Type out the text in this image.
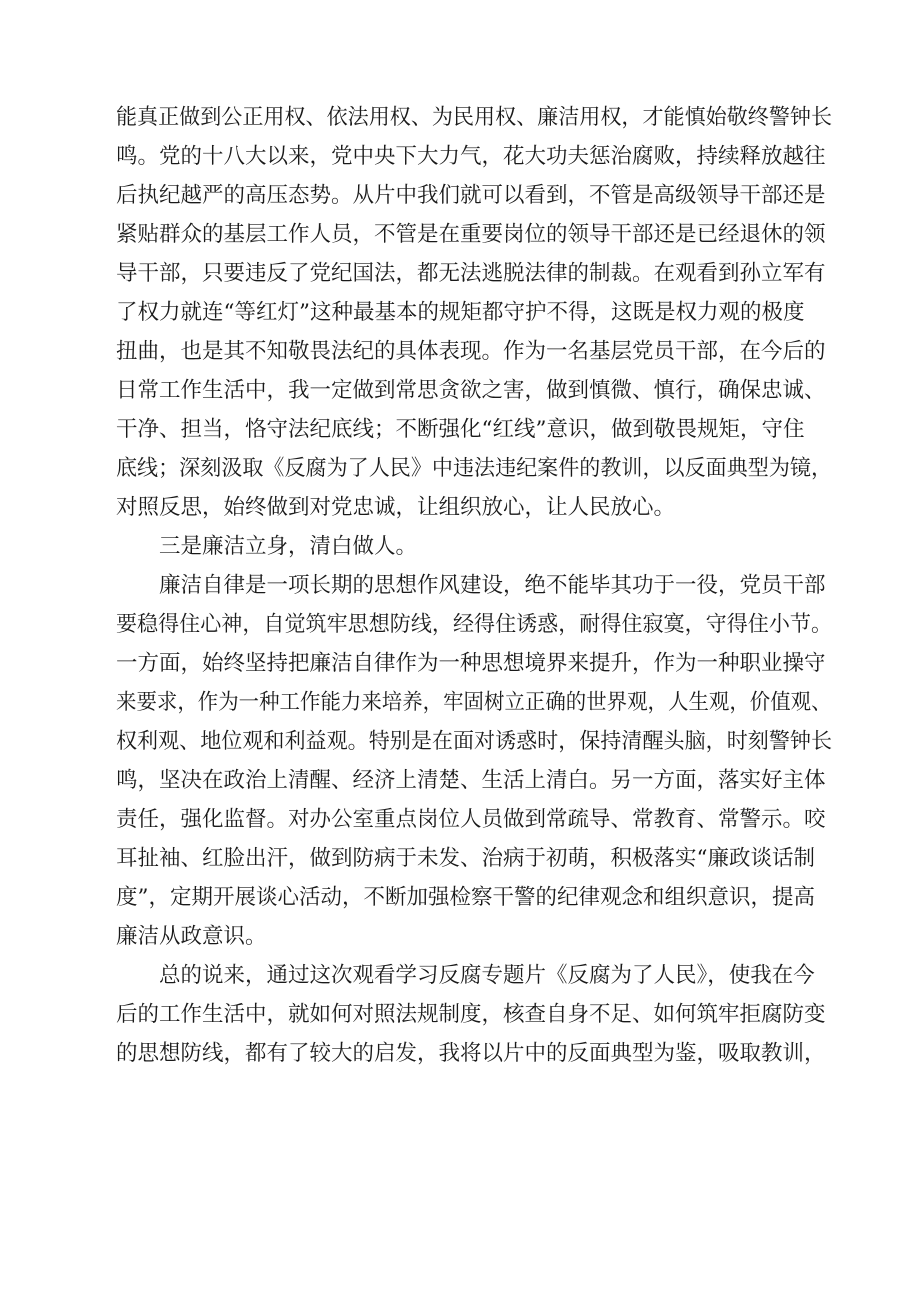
能真正做到公正用权、依法用权、为民用权、廉洁用权，才能慎始敬终警钟长
鸣。党的十八大以来，党中央下大力气，花大功夫惩治腐败，持续释放越往
后执纪越严的高压态势。从片中我们就可以看到，不管是高级领导干部还是
紧贴群众的基层工作人员，不管是在重要岗位的领导干部还是已经退休的领
导干部，只要违反了党纪国法，都无法逃脱法律的制裁。在观看到孙立军有
了权力就连“等红灯”这种最基本的规矩都守护不得，这既是权力观的极度
扭曲，也是其不知敬畏法纪的具体表现。作为一名基层党员干部，在今后的
日常工作生活中，我一定做到常思贪欲之害，做到慎微、慎行，确保忠诚、
干净、担当，恪守法纪底线；不断强化“红线”意识，做到敬畏规矩，守住
底线；深刻汲取《反腐为了人民》中违法违纪案件的教训，以反面典型为镜，
对照反思，始终做到对党忠诚，让组织放心，让人民放心。
三是廉洁立身，清白做人。
廉洁自律是一项长期的思想作风建设，绝不能毕其功于一役，党员干部
要稳得住心神，自觉筑牢思想防线，经得住诱惑，耐得住寂寞，守得住小节。
一方面，始终坚持把廉洁自律作为一种思想境界来提升，作为一种职业操守
来要求，作为一种工作能力来培养，牢固树立正确的世界观，人生观，价值观、
权利观、地位观和利益观。特别是在面对诱惑时，保持清醒头脑，时刻警钟长
鸣，坚决在政治上清醒、经济上清楚、生活上清白。另一方面，落实好主体
责任，强化监督。对办公室重点岗位人员做到常疏导、常教育、常警示。咬
耳扯袖、红脸出汗，做到防病于未发、治病于初萌，积极落实“廉政谈话制
度”，定期开展谈心活动，不断加强检察干警的纪律观念和组织意识，提高
廉洁从政意识。
总的说来，通过这次观看学习反腐专题片《反腐为了人民》，使我在今
后的工作生活中，就如何对照法规制度，核查自身不足、如何筑牢拒腐防变
的思想防线，都有了较大的启发，我将以片中的反面典型为鉴，吸取教训，
